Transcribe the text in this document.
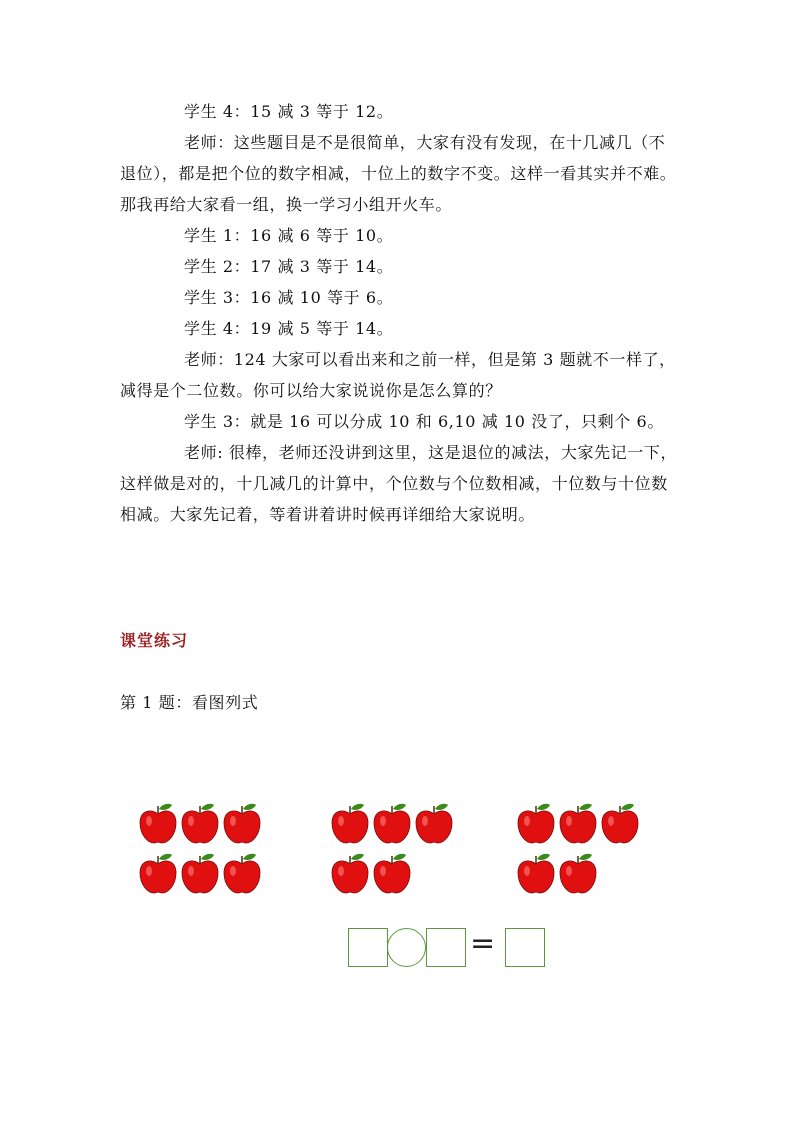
学生 4：15 减 3 等于 12。

老师：这些题目是不是很简单，大家有没有发现，在十几减几（不退位），都是把个位的数字相减，十位上的数字不变。这样一看其实并不难。那我再给大家看一组，换一学习小组开火车。

学生 1：16 减 6 等于 10。

学生 2：17 减 3 等于 14。

学生 3：16 减 10 等于 6。

学生 4：19 减 5 等于 14。

老师：124 大家可以看出来和之前一样，但是第 3 题就不一样了，减得是个二位数。你可以给大家说说你是怎么算的？

学生 3：就是 16 可以分成 10 和 6,10 减 10 没了，只剩个 6。

老师: 很棒，老师还没讲到这里，这是退位的减法，大家先记一下，这样做是对的，十几减几的计算中，个位数与个位数相减，十位数与十位数相减。大家先记着，等着讲着讲时候再详细给大家说明。

课堂练习
第 1 题：看图列式
=
